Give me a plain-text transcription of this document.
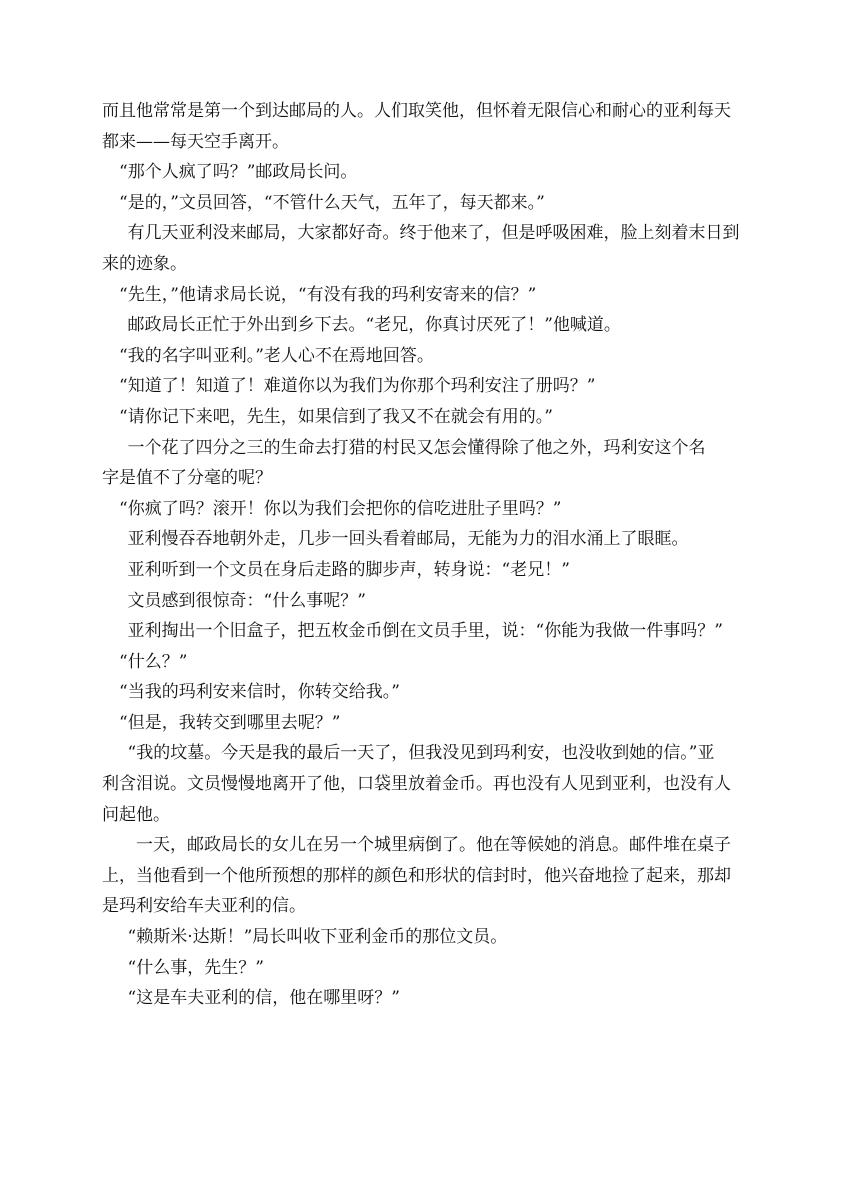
而且他常常是第一个到达邮局的人。人们取笑他，但怀着无限信心和耐心的亚利每天
都来——每天空手离开。
“那个人疯了吗？”邮政局长问。
“是的，”文员回答，“不管什么天气，五年了，每天都来。”
有几天亚利没来邮局，大家都好奇。终于他来了，但是呼吸困难，脸上刻着末日到
来的迹象。
“先生，”他请求局长说，“有没有我的玛利安寄来的信？”
邮政局长正忙于外出到乡下去。“老兄，你真讨厌死了！”他喊道。
“我的名字叫亚利。”老人心不在焉地回答。
“知道了！知道了！难道你以为我们为你那个玛利安注了册吗？”
“请你记下来吧，先生，如果信到了我又不在就会有用的。”
一个花了四分之三的生命去打猎的村民又怎会懂得除了他之外，玛利安这个名
字是值不了分毫的呢？
“你疯了吗？滚开！你以为我们会把你的信吃进肚子里吗？”
亚利慢吞吞地朝外走，几步一回头看着邮局，无能为力的泪水涌上了眼眶。
亚利听到一个文员在身后走路的脚步声，转身说：“老兄！”
文员感到很惊奇：“什么事呢？”
亚利掏出一个旧盒子，把五枚金币倒在文员手里，说：“你能为我做一件事吗？”
“什么？”
“当我的玛利安来信时，你转交给我。”
“但是，我转交到哪里去呢？”
“我的坟墓。今天是我的最后一天了，但我没见到玛利安，也没收到她的信。”亚
利含泪说。文员慢慢地离开了他，口袋里放着金币。再也没有人见到亚利，也没有人
问起他。
一天，邮政局长的女儿在另一个城里病倒了。他在等候她的消息。邮件堆在桌子
上，当他看到一个他所预想的那样的颜色和形状的信封时，他兴奋地捡了起来，那却
是玛利安给车夫亚利的信。
“赖斯米·达斯！”局长叫收下亚利金币的那位文员。
“什么事，先生？”
“这是车夫亚利的信，他在哪里呀？”
